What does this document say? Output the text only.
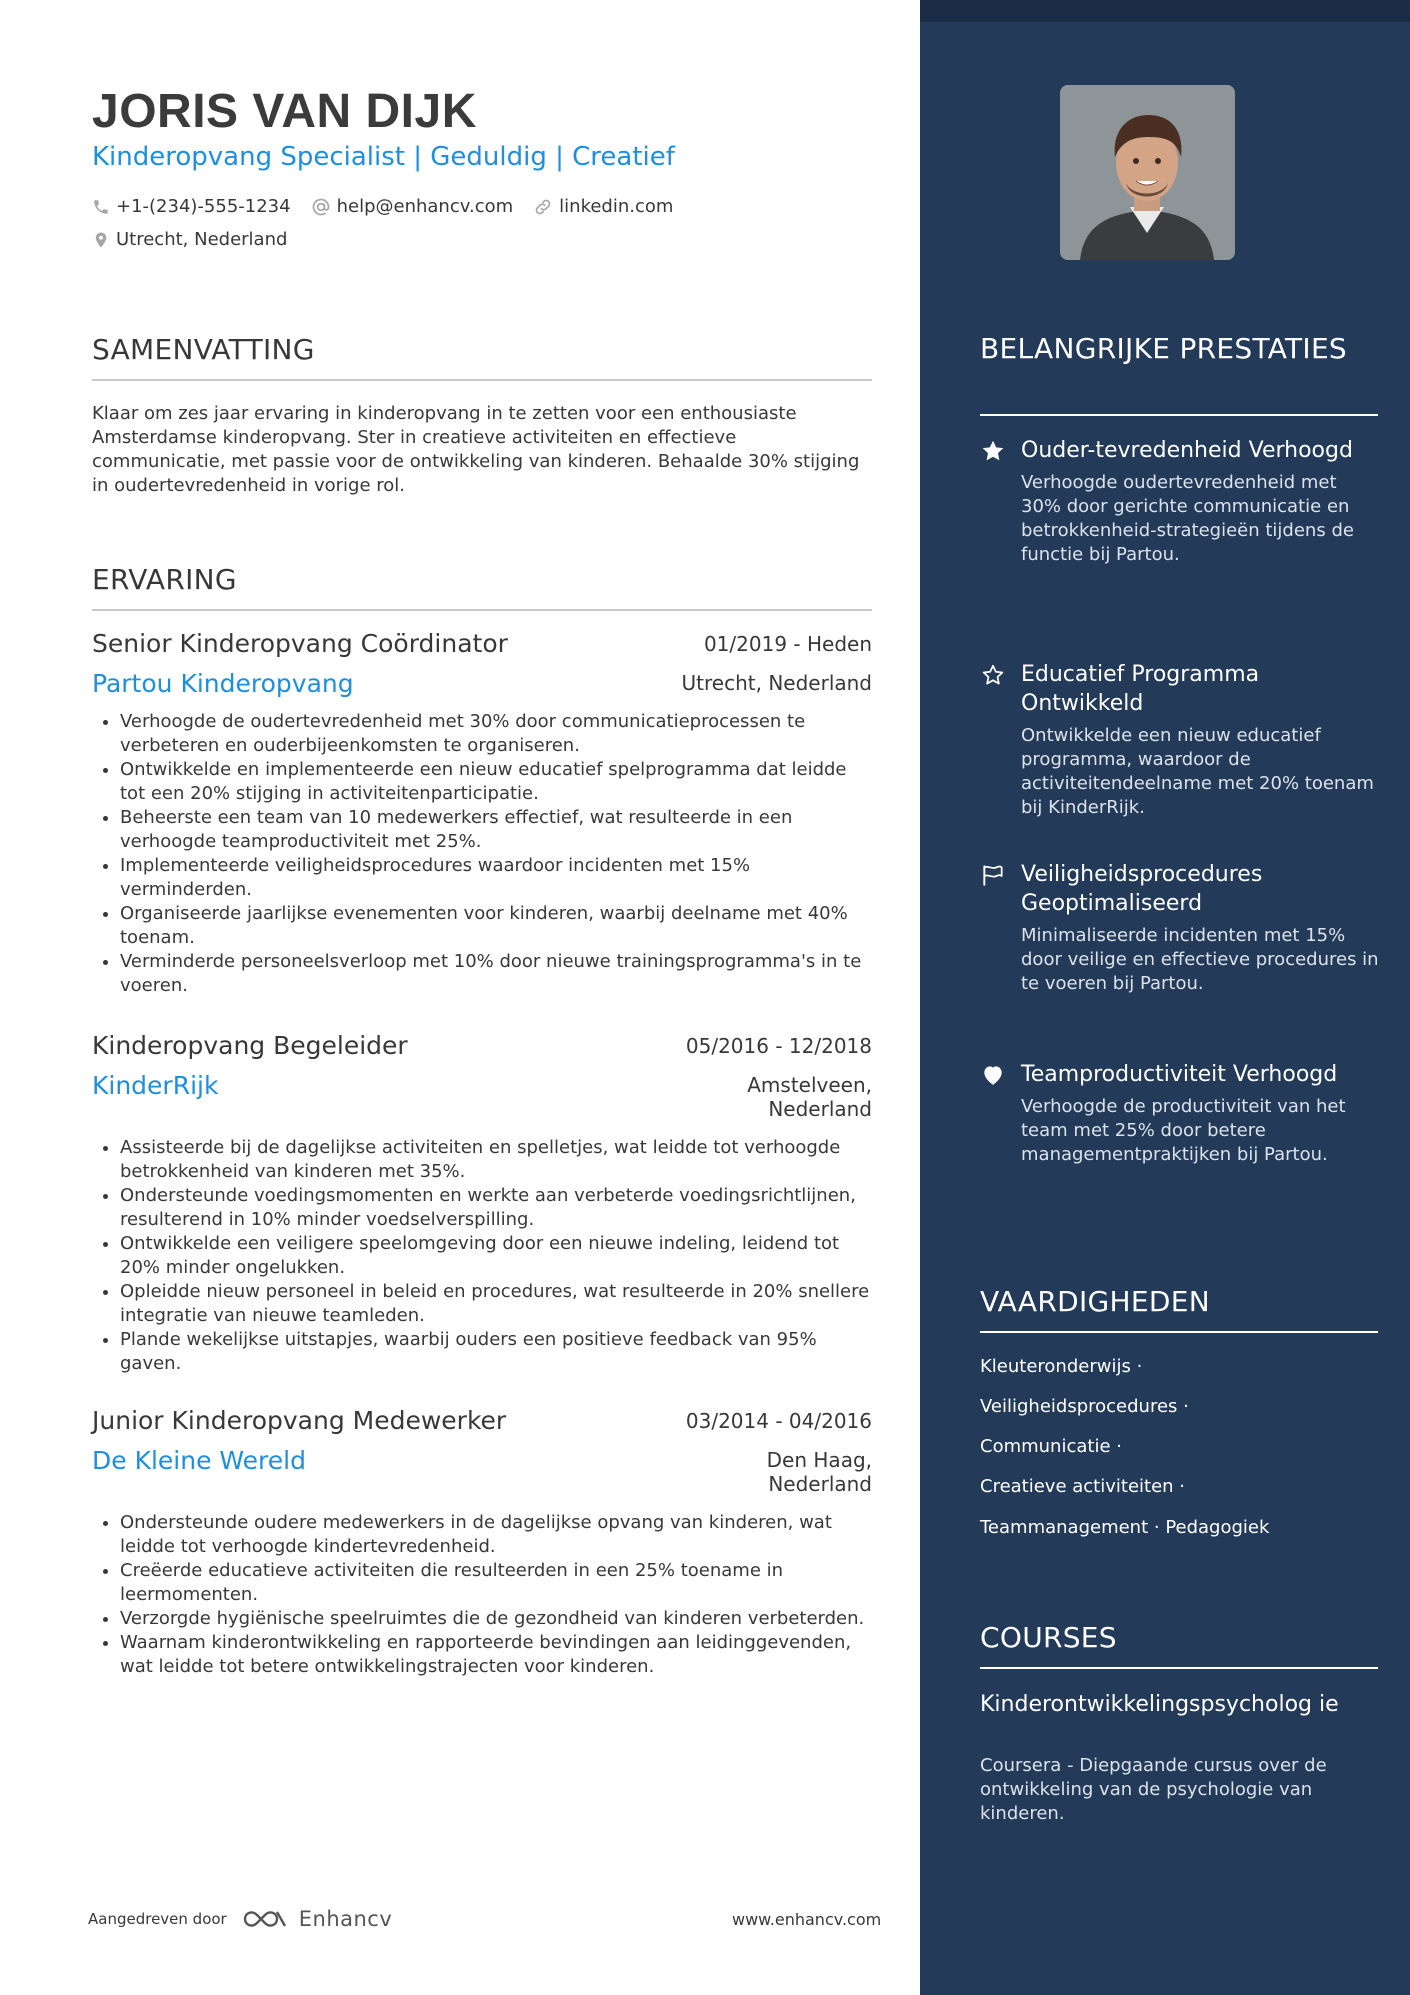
JORIS VAN DIJK
Kinderopvang Specialist | Geduldig | Creatief
+1-(234)-555-1234	help@enhancv.com	linkedin.com
Utrecht, Nederland
SAMENVATTING
Klaar om zes jaar ervaring in kinderopvang in te zetten voor een enthousiaste Amsterdamse kinderopvang. Ster in creatieve activiteiten en effectieve communicatie, met passie voor de ontwikkeling van kinderen. Behaalde 30% stijging in oudertevredenheid in vorige rol.
ERVARING
Senior Kinderopvang Coördinator	01/2019 - Heden
Partou Kinderopvang	Utrecht, Nederland
• Verhoogde de oudertevredenheid met 30% door communicatieprocessen te verbeteren en ouderbijeenkomsten te organiseren.
• Ontwikkelde en implementeerde een nieuw educatief spelprogramma dat leidde tot een 20% stijging in activiteitenparticipatie.
• Beheerste een team van 10 medewerkers effectief, wat resulteerde in een verhoogde teamproductiviteit met 25%.
• Implementeerde veiligheidsprocedures waardoor incidenten met 15% verminderden.
• Organiseerde jaarlijkse evenementen voor kinderen, waarbij deelname met 40% toenam.
• Verminderde personeelsverloop met 10% door nieuwe trainingsprogramma's in te voeren.
Kinderopvang Begeleider	05/2016 - 12/2018
KinderRijk	Amstelveen,
Nederland
• Assisteerde bij de dagelijkse activiteiten en spelletjes, wat leidde tot verhoogde betrokkenheid van kinderen met 35%.
• Ondersteunde voedingsmomenten en werkte aan verbeterde voedingsrichtlijnen, resulterend in 10% minder voedselverspilling.
• Ontwikkelde een veiligere speelomgeving door een nieuwe indeling, leidend tot 20% minder ongelukken.
• Opleidde nieuw personeel in beleid en procedures, wat resulteerde in 20% snellere integratie van nieuwe teamleden.
• Plande wekelijkse uitstapjes, waarbij ouders een positieve feedback van 95% gaven.
Junior Kinderopvang Medewerker	03/2014 - 04/2016
De Kleine Wereld	Den Haag,
Nederland
• Ondersteunde oudere medewerkers in de dagelijkse opvang van kinderen, wat leidde tot verhoogde kindertevredenheid.
• Creëerde educatieve activiteiten die resulteerden in een 25% toename in leermomenten.
• Verzorgde hygiënische speelruimtes die de gezondheid van kinderen verbeterden.
• Waarnam kinderontwikkeling en rapporteerde bevindingen aan leidinggevenden, wat leidde tot betere ontwikkelingstrajecten voor kinderen.
Aangedreven door	Enhancv	www.enhancv.com
BELANGRIJKE PRESTATIES
Ouder-tevredenheid Verhoogd
Verhoogde oudertevredenheid met 30% door gerichte communicatie en betrokkenheid-strategieën tijdens de functie bij Partou.
Educatief Programma Ontwikkeld
Ontwikkelde een nieuw educatief programma, waardoor de activiteitendeelname met 20% toenam bij KinderRijk.
Veiligheidsprocedures Geoptimaliseerd
Minimaliseerde incidenten met 15% door veilige en effectieve procedures in te voeren bij Partou.
Teamproductiviteit Verhoogd
Verhoogde de productiviteit van het team met 25% door betere managementpraktijken bij Partou.
VAARDIGHEDEN
Kleuteronderwijs ·
Veiligheidsprocedures ·
Communicatie ·
Creatieve activiteiten ·
Teammanagement · Pedagogiek
COURSES
Kinderontwikkelingspsycholog ie
Coursera - Diepgaande cursus over de ontwikkeling van de psychologie van kinderen.
